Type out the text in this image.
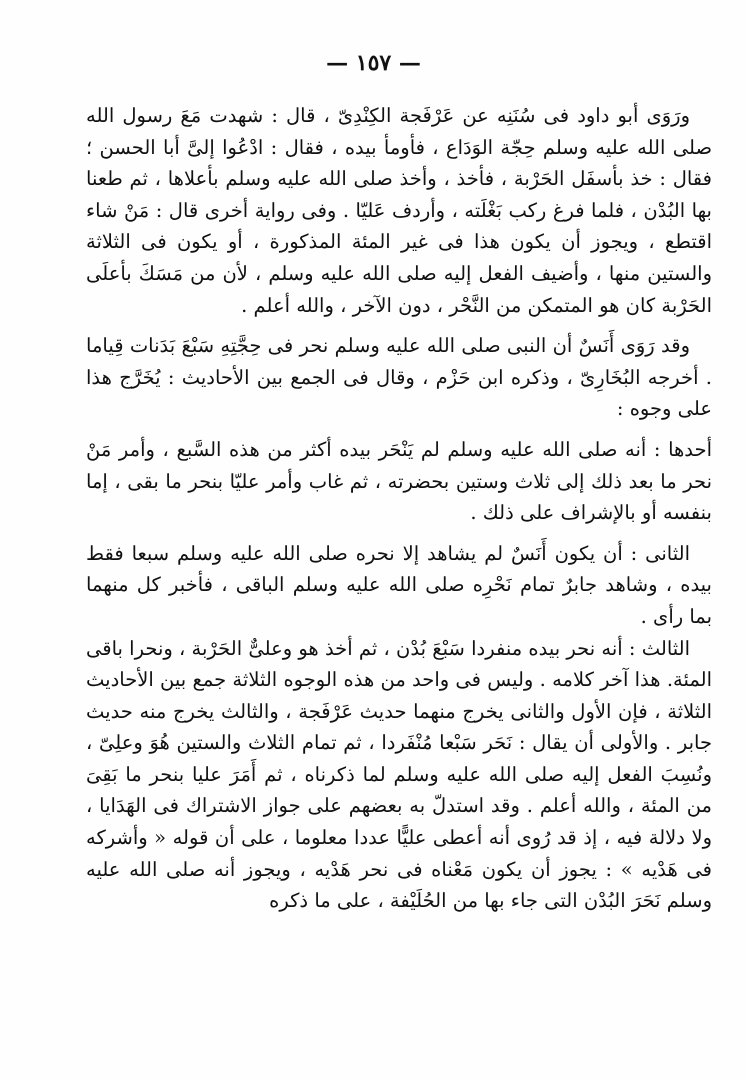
— ١٥٧ —

ورَوَى أبو داود فى سُنَنِه عن عَرْفَجة الكِنْدِىّ ، قال : شهدت مَعَ رسول الله صلى الله عليه وسلم حِجّة الوَدَاع ، فأومأ بيده ، فقال : ادْعُوا إلىَّ أبا الحسن ؛ فقال : خذ بأسفَل الحَرْبة ، فأخذ ، وأخذ صلى الله عليه وسلم بأعلاها ، ثم طعنا بها البُدْن ، فلما فرغ ركب بَغْلَته ، وأردف عَليّا . وفى رواية أخرى قال : مَنْ شاء اقتطع ، ويجوز أن يكون هذا فى غير المئة المذكورة ، أو يكون فى الثلاثة والستين منها ، وأضيف الفعل إليه صلى الله عليه وسلم ، لأن من مَسَكَ بأعلَى الحَرْبة كان هو المتمكن من النَّحْر ، دون الآخر ، والله أعلم .

وقد رَوَى أَنَسٌ أن النبى صلى الله عليه وسلم نحر فى حِجَّتِهِ سَبْعَ بَدَنات قِياما . أخرجه البُخَارِىّ ، وذكره ابن حَزْم ، وقال فى الجمع بين الأحاديث : يُخَرَّج هذا على وجوه :

أحدها : أنه صلى الله عليه وسلم لم يَنْحَر بيده أكثر من هذه السَّبع ، وأمر مَنْ نحر ما بعد ذلك إلى ثلاث وستين بحضرته ، ثم غاب وأمر عليّا بنحر ما بقى ، إما بنفسه أو بالإشراف على ذلك .

الثانى : أن يكون أَنَسٌ لم يشاهد إلا نحره صلى الله عليه وسلم سبعا فقط بيده ، وشاهد جابرٌ تمام نَحْرِه صلى الله عليه وسلم الباقى ، فأخبر كل منهما بما رأى .

الثالث : أنه نحر بيده منفردا سَبْعَ بُدْن ، ثم أخذ هو وعلىٌّ الحَرْبة ، ونحرا باقى المئة. هذا آخر كلامه . وليس فى واحد من هذه الوجوه الثلاثة جمع بين الأحاديث الثلاثة ، فإن الأول والثانى يخرج منهما حديث عَرْفَجة ، والثالث يخرج منه حديث جابر . والأولى أن يقال : نَحَر سَبْعا مُنْفَردا ، ثم تمام الثلاث والستين هُوَ وعلِىّ ، ونُسِبَ الفعل إليه صلى الله عليه وسلم لما ذكرناه ، ثم أَمَرَ عليا بنحر ما بَقِىَ من المئة ، والله أعلم . وقد استدلّ به بعضهم على جواز الاشتراك فى الهَدَايا ، ولا دلالة فيه ، إذ قد رُوى أنه أعطى عليًّا عددا معلوما ، على أن قوله « وأشركه فى هَدْيه » : يجوز أن يكون مَعْناه فى نحر هَدْيه ، ويجوز أنه صلى الله عليه وسلم نَحَرَ البُدْن التى جاء بها من الحُلَيْفة ، على ما ذكره
